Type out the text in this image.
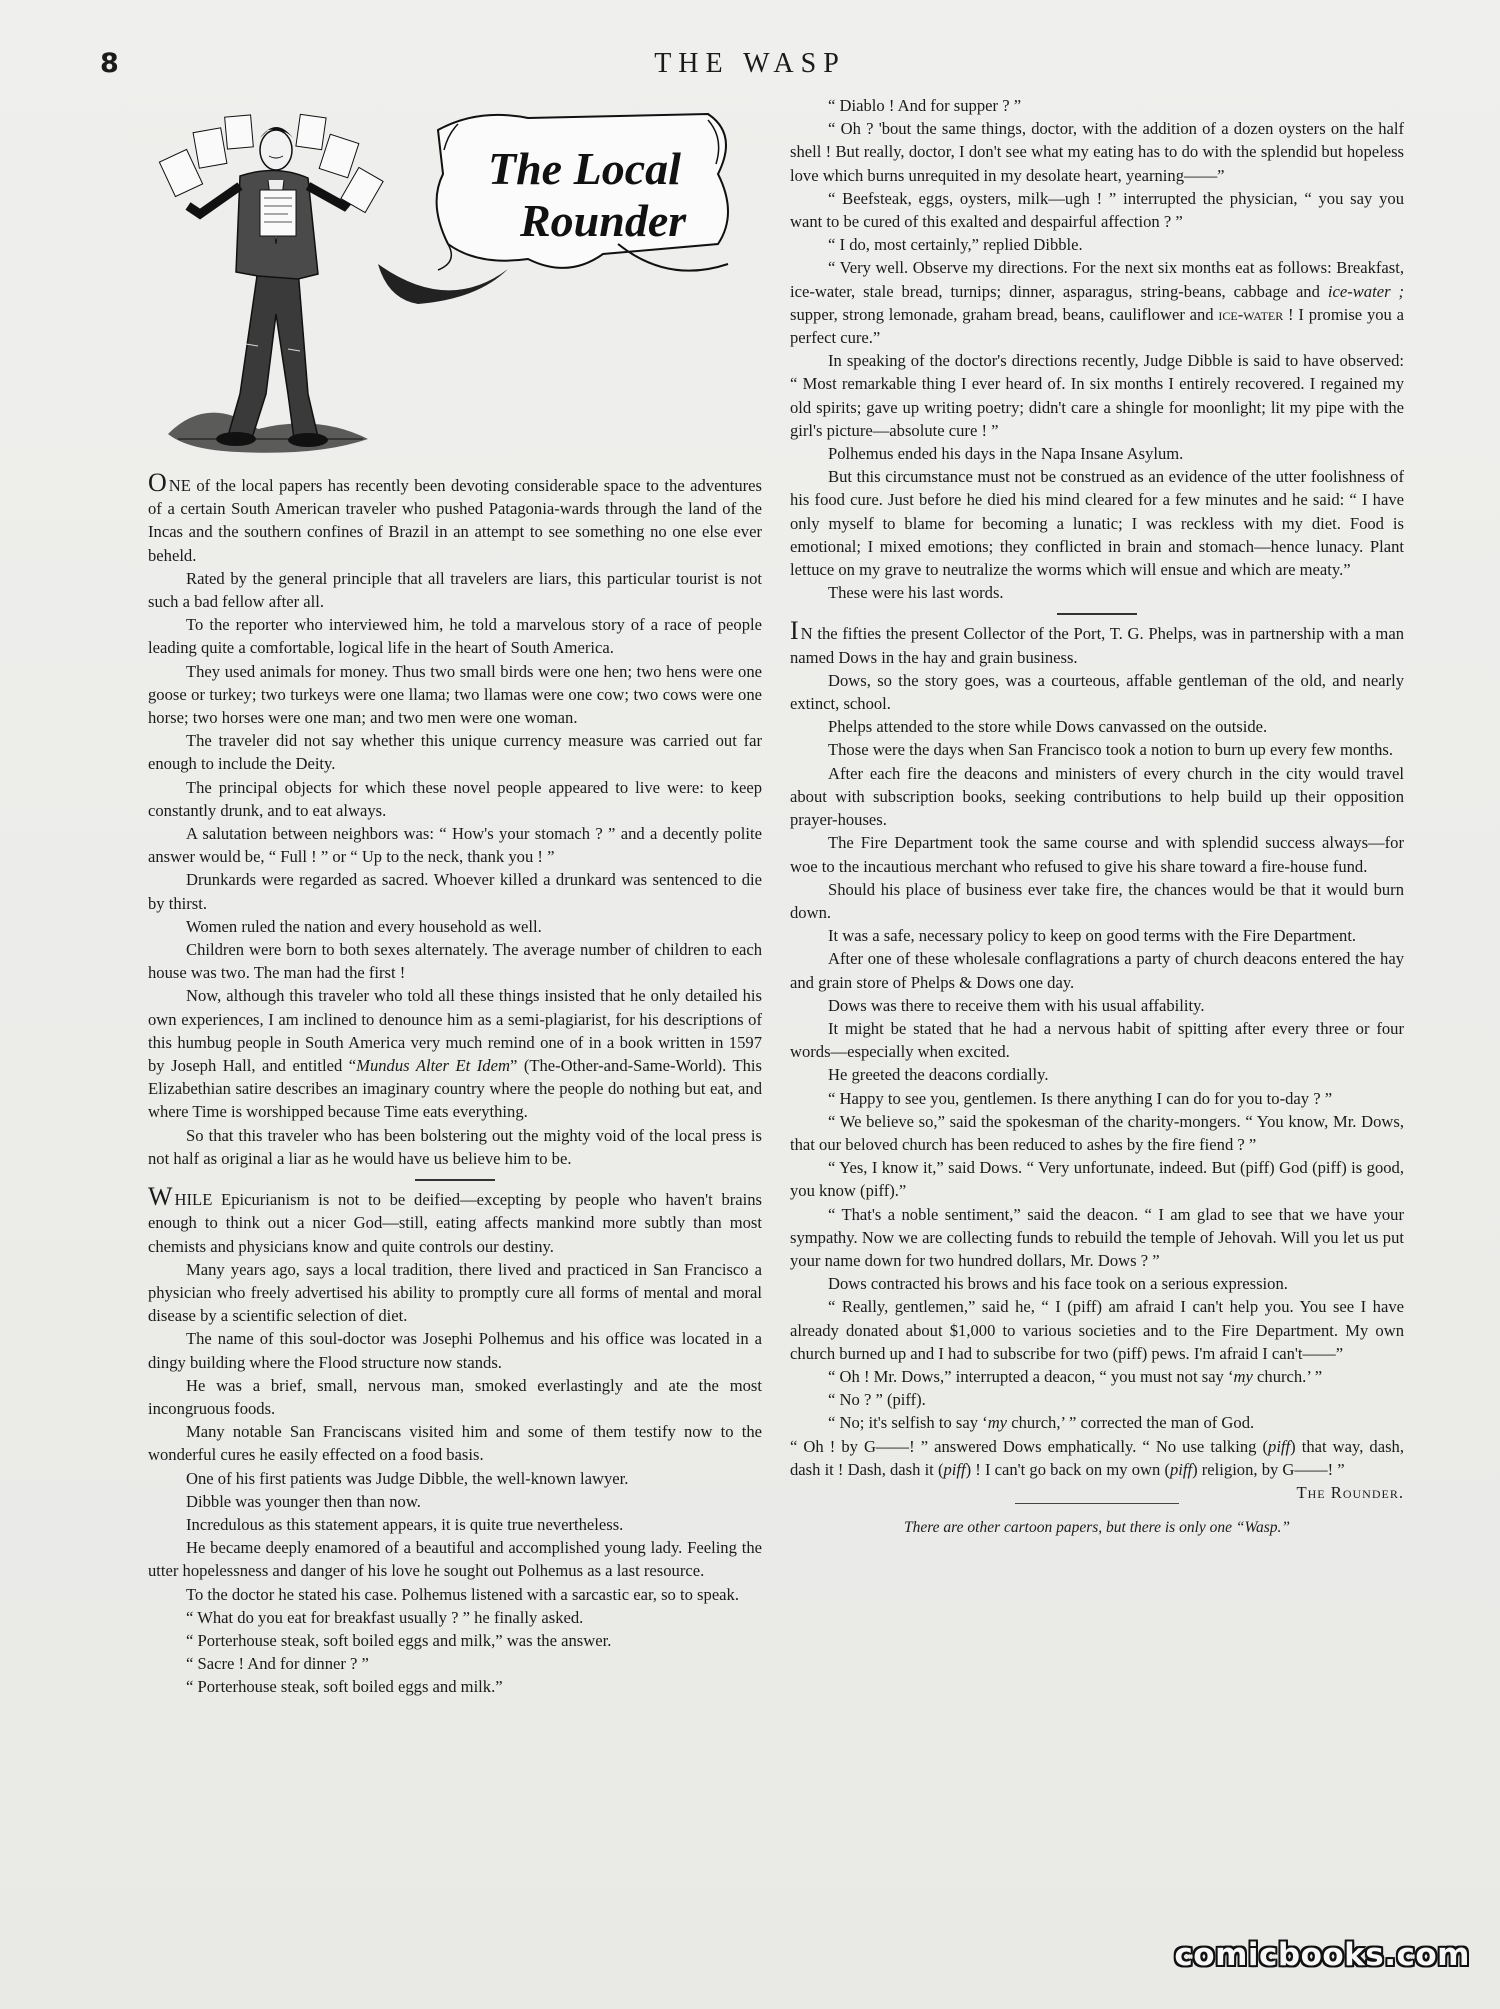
8	THE WASP
The Local
Rounder

ONE of the local papers has recently been devoting considerable space to the adventures of a certain South American traveler who pushed Patagonia-wards through the land of the Incas and the southern confines of Brazil in an attempt to see something no one else ever beheld.

Rated by the general principle that all travelers are liars, this particular tourist is not such a bad fellow after all.

To the reporter who interviewed him, he told a marvelous story of a race of people leading quite a comfortable, logical life in the heart of South America.

They used animals for money. Thus two small birds were one hen; two hens were one goose or turkey; two turkeys were one llama; two llamas were one cow; two cows were one horse; two horses were one man; and two men were one woman.

The traveler did not say whether this unique currency measure was carried out far enough to include the Deity.

The principal objects for which these novel people appeared to live were: to keep constantly drunk, and to eat always.

A salutation between neighbors was: “ How's your stomach ? ” and a decently polite answer would be, “ Full ! ” or “ Up to the neck, thank you ! ”

Drunkards were regarded as sacred. Whoever killed a drunkard was sentenced to die by thirst.

Women ruled the nation and every household as well.

Children were born to both sexes alternately. The average number of children to each house was two. The man had the first !

Now, although this traveler who told all these things insisted that he only detailed his own experiences, I am inclined to denounce him as a semi-plagiarist, for his descriptions of this humbug people in South America very much remind one of in a book written in 1597 by Joseph Hall, and entitled “Mundus Alter Et Idem” (The-Other-and-Same-World). This Elizabethian satire describes an imaginary country where the people do nothing but eat, and where Time is worshipped because Time eats everything.

So that this traveler who has been bolstering out the mighty void of the local press is not half as original a liar as he would have us believe him to be.

WHILE Epicurianism is not to be deified—excepting by people who haven't brains enough to think out a nicer God—still, eating affects mankind more subtly than most chemists and physicians know and quite controls our destiny.

Many years ago, says a local tradition, there lived and practiced in San Francisco a physician who freely advertised his ability to promptly cure all forms of mental and moral disease by a scientific selection of diet.

The name of this soul-doctor was Josephi Polhemus and his office was located in a dingy building where the Flood structure now stands.

He was a brief, small, nervous man, smoked everlastingly and ate the most incongruous foods.

Many notable San Franciscans visited him and some of them testify now to the wonderful cures he easily effected on a food basis.

One of his first patients was Judge Dibble, the well-known lawyer.

Dibble was younger then than now.

Incredulous as this statement appears, it is quite true nevertheless.

He became deeply enamored of a beautiful and accomplished young lady. Feeling the utter hopelessness and danger of his love he sought out Polhemus as a last resource.

To the doctor he stated his case. Polhemus listened with a sarcastic ear, so to speak.

“ What do you eat for breakfast usually ? ” he finally asked.

“ Porterhouse steak, soft boiled eggs and milk,” was the answer.

“ Sacre ! And for dinner ? ”

“ Porterhouse steak, soft boiled eggs and milk.”

“ Diablo ! And for supper ? ”

“ Oh ? 'bout the same things, doctor, with the addition of a dozen oysters on the half shell ! But really, doctor, I don't see what my eating has to do with the splendid but hopeless love which burns unrequited in my desolate heart, yearning——”

“ Beefsteak, eggs, oysters, milk—ugh ! ” interrupted the physician, “ you say you want to be cured of this exalted and despairful affection ? ”

“ I do, most certainly,” replied Dibble.

“ Very well. Observe my directions. For the next six months eat as follows: Breakfast, ice-water, stale bread, turnips; dinner, asparagus, string-beans, cabbage and ice-water ; supper, strong lemonade, graham bread, beans, cauliflower and ice-water ! I promise you a perfect cure.”

In speaking of the doctor's directions recently, Judge Dibble is said to have observed: “ Most remarkable thing I ever heard of. In six months I entirely recovered. I regained my old spirits; gave up writing poetry; didn't care a shingle for moonlight; lit my pipe with the girl's picture—absolute cure ! ”

Polhemus ended his days in the Napa Insane Asylum.

But this circumstance must not be construed as an evidence of the utter foolishness of his food cure. Just before he died his mind cleared for a few minutes and he said: “ I have only myself to blame for becoming a lunatic; I was reckless with my diet. Food is emotional; I mixed emotions; they conflicted in brain and stomach—hence lunacy. Plant lettuce on my grave to neutralize the worms which will ensue and which are meaty.”

These were his last words.

I N the fifties the present Collector of the Port, T. G. Phelps, was in partnership with a man named Dows in the hay and grain business.

Dows, so the story goes, was a courteous, affable gentleman of the old, and nearly extinct, school.

Phelps attended to the store while Dows canvassed on the outside.

Those were the days when San Francisco took a notion to burn up every few months.

After each fire the deacons and ministers of every church in the city would travel about with subscription books, seeking contributions to help build up their opposition prayer-houses.

The Fire Department took the same course and with splendid success always—for woe to the incautious merchant who refused to give his share toward a fire-house fund.

Should his place of business ever take fire, the chances would be that it would burn down.

It was a safe, necessary policy to keep on good terms with the Fire Department.

After one of these wholesale conflagrations a party of church deacons entered the hay and grain store of Phelps & Dows one day.

Dows was there to receive them with his usual affability.

It might be stated that he had a nervous habit of spitting after every three or four words—especially when excited.

He greeted the deacons cordially.

“ Happy to see you, gentlemen. Is there anything I can do for you to-day ? ”

“ We believe so,” said the spokesman of the charity-mongers. “ You know, Mr. Dows, that our beloved church has been reduced to ashes by the fire fiend ? ”

“ Yes, I know it,” said Dows. “ Very unfortunate, indeed. But (piff) God (piff) is good, you know (piff).”

“ That's a noble sentiment,” said the deacon. “ I am glad to see that we have your sympathy. Now we are collecting funds to rebuild the temple of Jehovah. Will you let us put your name down for two hundred dollars, Mr. Dows ? ”

Dows contracted his brows and his face took on a serious expression.

“ Really, gentlemen,” said he, “ I (piff) am afraid I can't help you. You see I have already donated about $1,000 to various societies and to the Fire Department. My own church burned up and I had to subscribe for two (piff) pews. I'm afraid I can't——”

“ Oh ! Mr. Dows,” interrupted a deacon, “ you must not say ‘my church.’ ”

“ No ? ” (piff).

“ No; it's selfish to say ‘my church,’ ” corrected the man of God.

“ Oh ! by G——! ” answered Dows emphatically. “ No use talking (piff) that way, dash, dash it ! Dash, dash it (piff) ! I can't go back on my own (piff) religion, by G——! ”
The Rounder.

There are other cartoon papers, but there is only one “Wasp.”

comicbooks.com
